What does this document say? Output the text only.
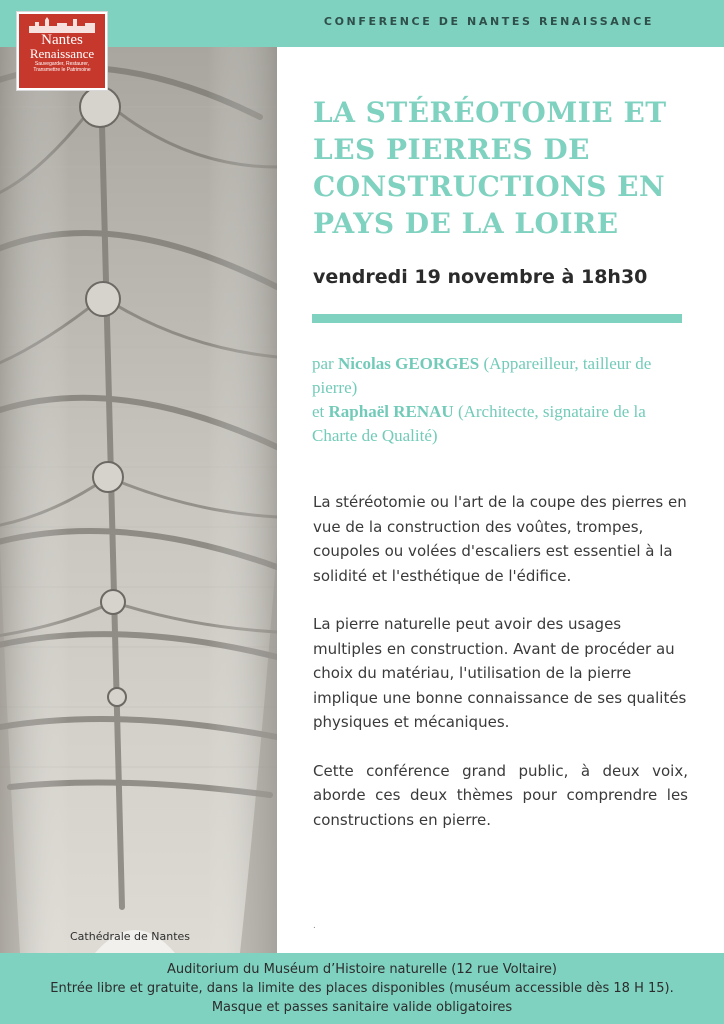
CONFERENCE DE NANTES RENAISSANCE
Cathédrale de Nantes
Nantes
Renaissance
Sauvegarder, Restaurer, Transmettre le Patrimoine
LA STÉRÉOTOMIE ET LES PIERRES DE CONSTRUCTIONS EN PAYS DE LA LOIRE
vendredi 19 novembre à 18h30

par Nicolas GEORGES (Appareilleur, tailleur de pierre)

et Raphaël RENAU (Architecte, signataire de la Charte de Qualité)

La stéréotomie ou l'art de la coupe des pierres en vue de la construction des voûtes, trompes, coupoles ou volées d'escaliers est essentiel à la solidité et l'esthétique de l'édifice.

La pierre naturelle peut avoir des usages multiples en construction. Avant de procéder au choix du matériau, l'utilisation de la pierre implique une bonne connaissance de ses qualités physiques et mécaniques.

Cette conférence grand public, à deux voix, aborde ces deux thèmes pour comprendre les constructions en pierre.

.
Auditorium du Muséum d’Histoire naturelle (12 rue Voltaire)
Entrée libre et gratuite, dans la limite des places disponibles (muséum accessible dès 18 H 15).
Masque et passes sanitaire valide obligatoires
